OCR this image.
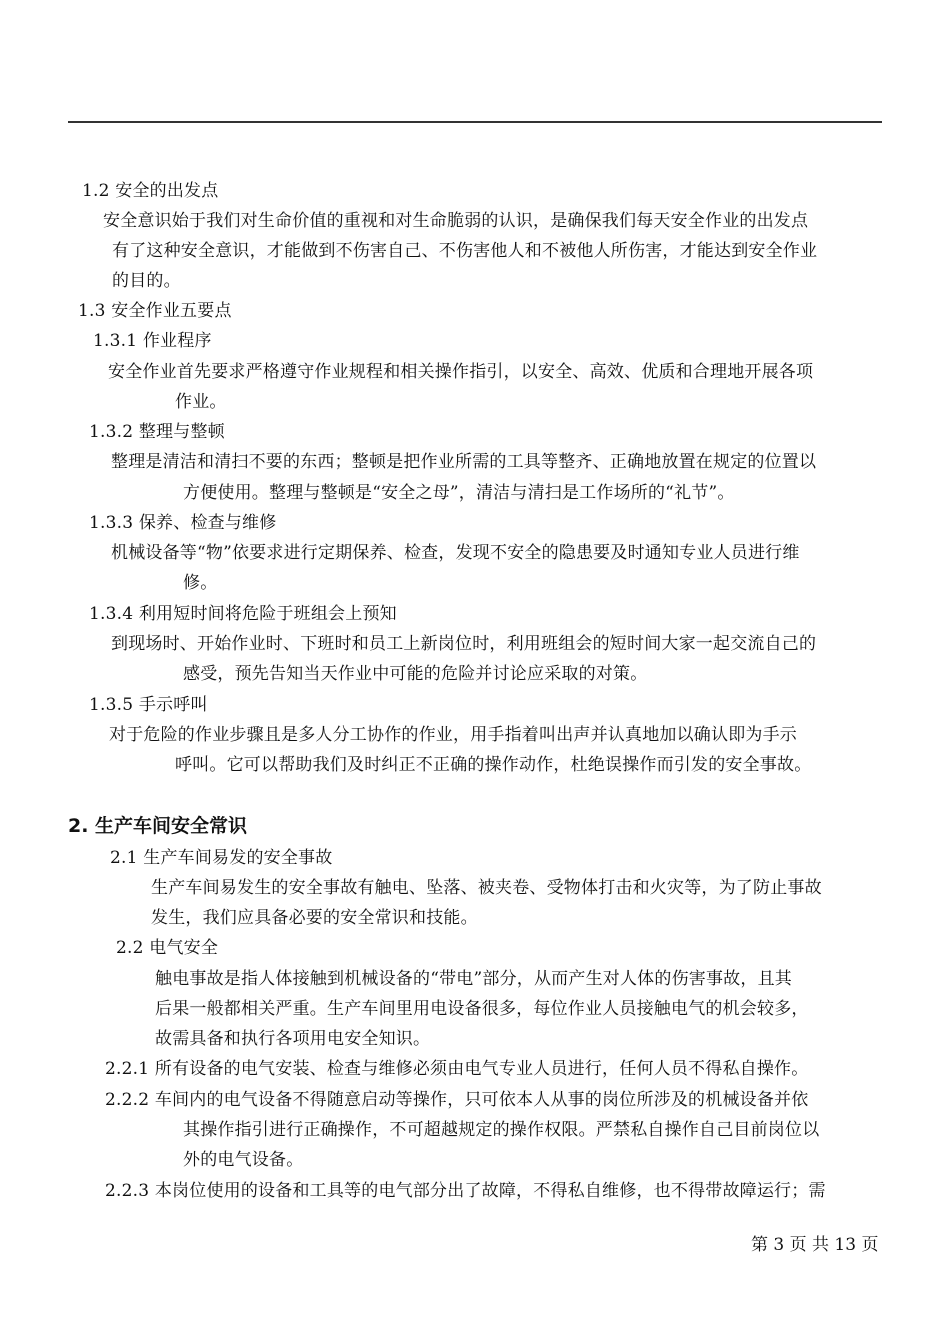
1.2 安全的出发点
安全意识始于我们对生命价值的重视和对生命脆弱的认识，是确保我们每天安全作业的出发点
有了这种安全意识，才能做到不伤害自己、不伤害他人和不被他人所伤害，才能达到安全作业
的目的。
1.3 安全作业五要点
1.3.1 作业程序
安全作业首先要求严格遵守作业规程和相关操作指引，以安全、高效、优质和合理地开展各项
作业。
1.3.2 整理与整顿
整理是清洁和清扫不要的东西；整顿是把作业所需的工具等整齐、正确地放置在规定的位置以
方便使用。整理与整顿是“安全之母”，清洁与清扫是工作场所的“礼节”。
1.3.3 保养、检查与维修
机械设备等“物”依要求进行定期保养、检查，发现不安全的隐患要及时通知专业人员进行维
修。
1.3.4 利用短时间将危险于班组会上预知
到现场时、开始作业时、下班时和员工上新岗位时，利用班组会的短时间大家一起交流自己的
感受，预先告知当天作业中可能的危险并讨论应采取的对策。
1.3.5 手示呼叫
对于危险的作业步骤且是多人分工协作的作业，用手指着叫出声并认真地加以确认即为手示
呼叫。它可以帮助我们及时纠正不正确的操作动作，杜绝误操作而引发的安全事故。
2. 生产车间安全常识
2.1 生产车间易发的安全事故
生产车间易发生的安全事故有触电、坠落、被夹卷、受物体打击和火灾等，为了防止事故
发生，我们应具备必要的安全常识和技能。
2.2 电气安全
触电事故是指人体接触到机械设备的“带电”部分，从而产生对人体的伤害事故，且其
后果一般都相关严重。生产车间里用电设备很多，每位作业人员接触电气的机会较多，
故需具备和执行各项用电安全知识。
2.2.1 所有设备的电气安装、检查与维修必须由电气专业人员进行，任何人员不得私自操作。
2.2.2 车间内的电气设备不得随意启动等操作，只可依本人从事的岗位所涉及的机械设备并依
其操作指引进行正确操作，不可超越规定的操作权限。严禁私自操作自己目前岗位以
外的电气设备。
2.2.3 本岗位使用的设备和工具等的电气部分出了故障，不得私自维修，也不得带故障运行；需
第 3 页 共 13 页
